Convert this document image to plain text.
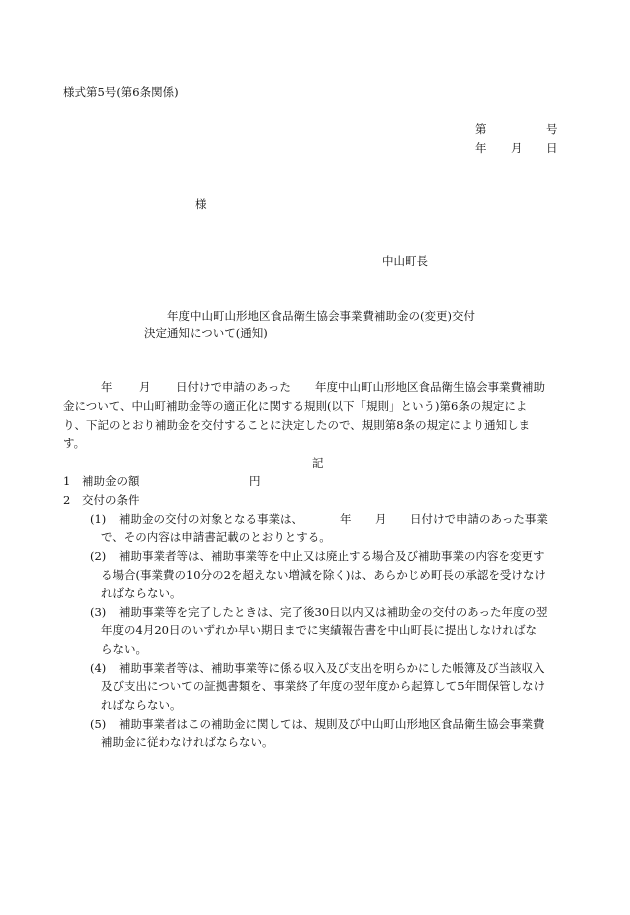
様式第5号(第6条関係)
第	号
年 月 日
様
中山町長
年度中山町山形地区食品衛生協会事業費補助金の(変更)交付
決定通知について(通知)
年 月 日付けで申請のあった 年度中山町山形地区食品衛生協会事業費補助
金について、中山町補助金等の適正化に関する規則(以下「規則」という)第6条の規定によ
り、下記のとおり補助金を交付することに決定したので、規則第8条の規定により通知しま
す。
記
1 補助金の額	円
2 交付の条件
(1) 補助金の交付の対象となる事業は、	年 月 日付けで申請のあった事業
で、その内容は申請書記載のとおりとする。
(2) 補助事業者等は、補助事業等を中止又は廃止する場合及び補助事業の内容を変更す
る場合(事業費の10分の2を超えない増減を除く)は、あらかじめ町長の承認を受けなけ
ればならない。
(3) 補助事業等を完了したときは、完了後30日以内又は補助金の交付のあった年度の翌
年度の4月20日のいずれか早い期日までに実績報告書を中山町長に提出しなければな
らない。
(4) 補助事業者等は、補助事業等に係る収入及び支出を明らかにした帳簿及び当該収入
及び支出についての証拠書類を、事業終了年度の翌年度から起算して5年間保管しなけ
ればならない。
(5) 補助事業者はこの補助金に関しては、規則及び中山町山形地区食品衛生協会事業費
補助金に従わなければならない。
